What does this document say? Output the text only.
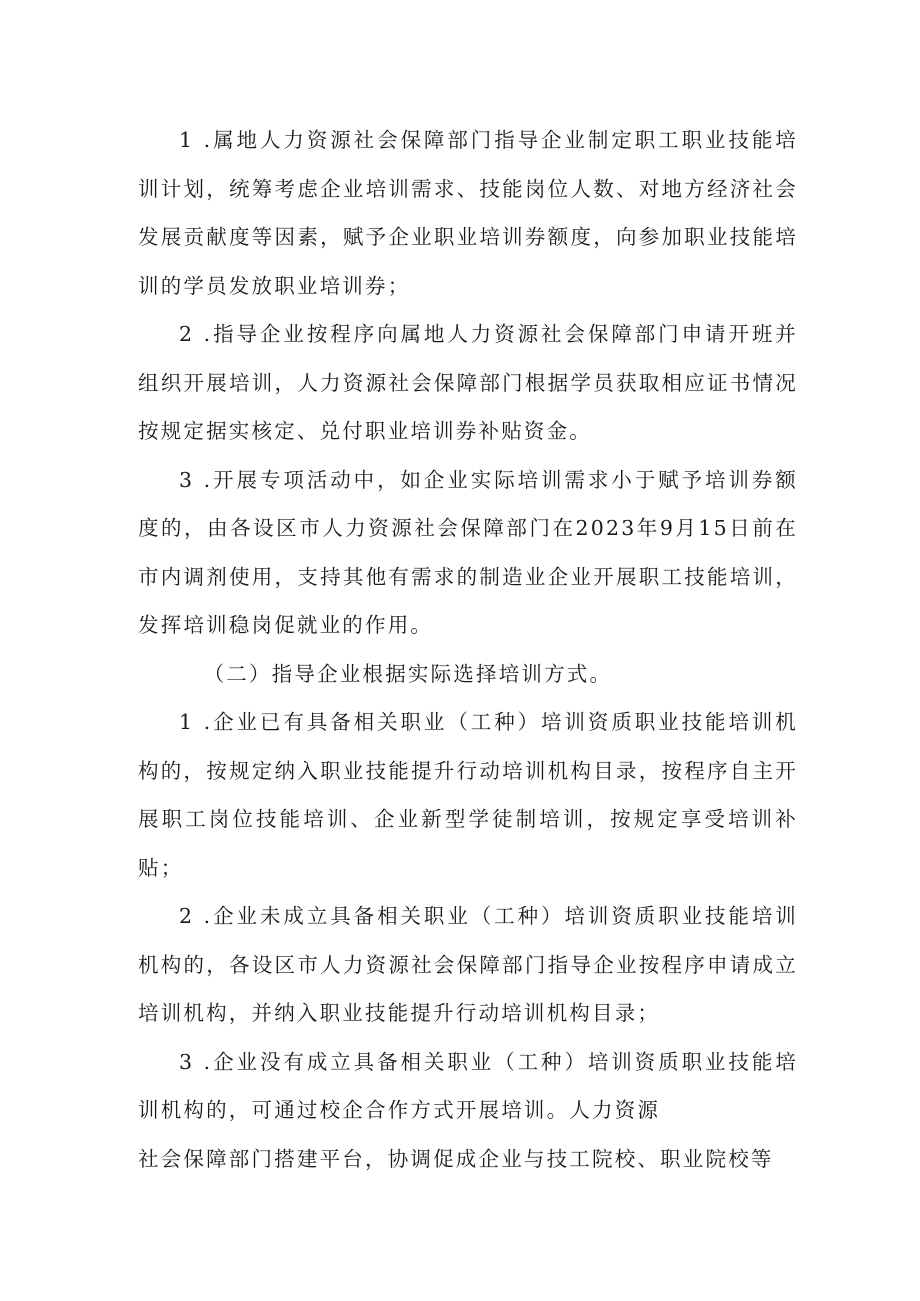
1 .属地人力资源社会保障部门指导企业制定职工职业技能培训计划，统筹考虑企业培训需求、技能岗位人数、对地方经济社会发展贡献度等因素，赋予企业职业培训券额度，向参加职业技能培训的学员发放职业培训券；

2 .指导企业按程序向属地人力资源社会保障部门申请开班并组织开展培训，人力资源社会保障部门根据学员获取相应证书情况按规定据实核定、兑付职业培训券补贴资金。

3 .开展专项活动中，如企业实际培训需求小于赋予培训券额度的，由各设区市人力资源社会保障部门在2023年9月15日前在市内调剂使用，支持其他有需求的制造业企业开展职工技能培训，发挥培训稳岗促就业的作用。

（二）指导企业根据实际选择培训方式。

1 .企业已有具备相关职业（工种）培训资质职业技能培训机构的，按规定纳入职业技能提升行动培训机构目录，按程序自主开展职工岗位技能培训、企业新型学徒制培训，按规定享受培训补贴；

2 .企业未成立具备相关职业（工种）培训资质职业技能培训机构的，各设区市人力资源社会保障部门指导企业按程序申请成立培训机构，并纳入职业技能提升行动培训机构目录；

3 .企业没有成立具备相关职业（工种）培训资质职业技能培训机构的，可通过校企合作方式开展培训。人力资源

社会保障部门搭建平台，协调促成企业与技工院校、职业院校等
